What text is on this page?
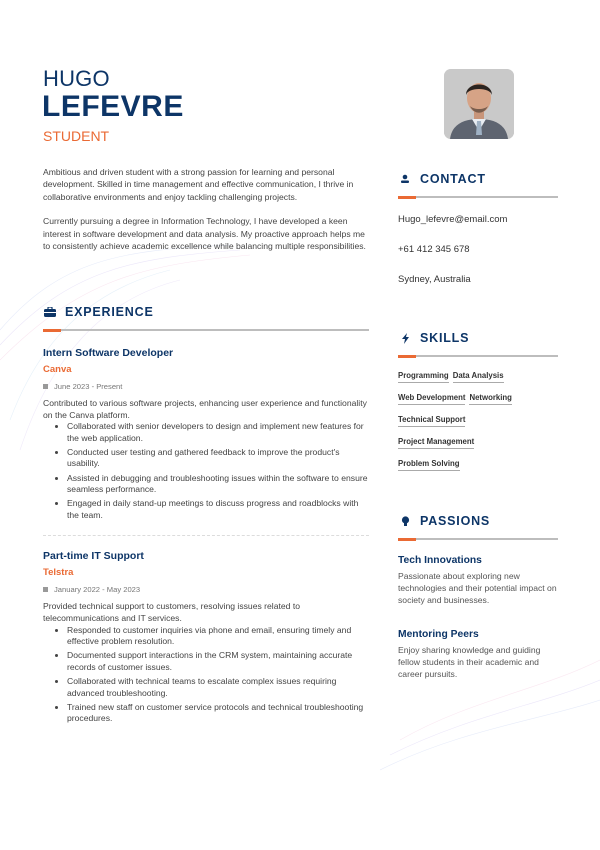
HUGO
LEFEVRE
STUDENT

Ambitious and driven student with a strong passion for learning and personal development. Skilled in time management and effective communication, I thrive in collaborative environments and enjoy tackling challenging projects.

Currently pursuing a degree in Information Technology, I have developed a keen interest in software development and data analysis. My proactive approach helps me to consistently achieve academic excellence while balancing multiple responsibilities.

EXPERIENCE
Intern Software Developer
Canva
June 2023 - Present
Contributed to various software projects, enhancing user experience and functionality on the Canva platform.
• Collaborated with senior developers to design and implement new features for the web application.
• Conducted user testing and gathered feedback to improve the product's usability.
• Assisted in debugging and troubleshooting issues within the software to ensure seamless performance.
• Engaged in daily stand-up meetings to discuss progress and roadblocks with the team.
Part-time IT Support
Telstra
January 2022 - May 2023
Provided technical support to customers, resolving issues related to telecommunications and IT services.
• Responded to customer inquiries via phone and email, ensuring timely and effective problem resolution.
• Documented support interactions in the CRM system, maintaining accurate records of customer issues.
• Collaborated with technical teams to escalate complex issues requiring advanced troubleshooting.
• Trained new staff on customer service protocols and technical troubleshooting procedures.
CONTACT
Hugo_lefevre@email.com
+61 412 345 678
Sydney, Australia
SKILLS
Programming Data Analysis
Web Development Networking
Technical Support
Project Management
Problem Solving
PASSIONS
Tech Innovations
Passionate about exploring new technologies and their potential impact on society and businesses.
Mentoring Peers
Enjoy sharing knowledge and guiding fellow students in their academic and career pursuits.
